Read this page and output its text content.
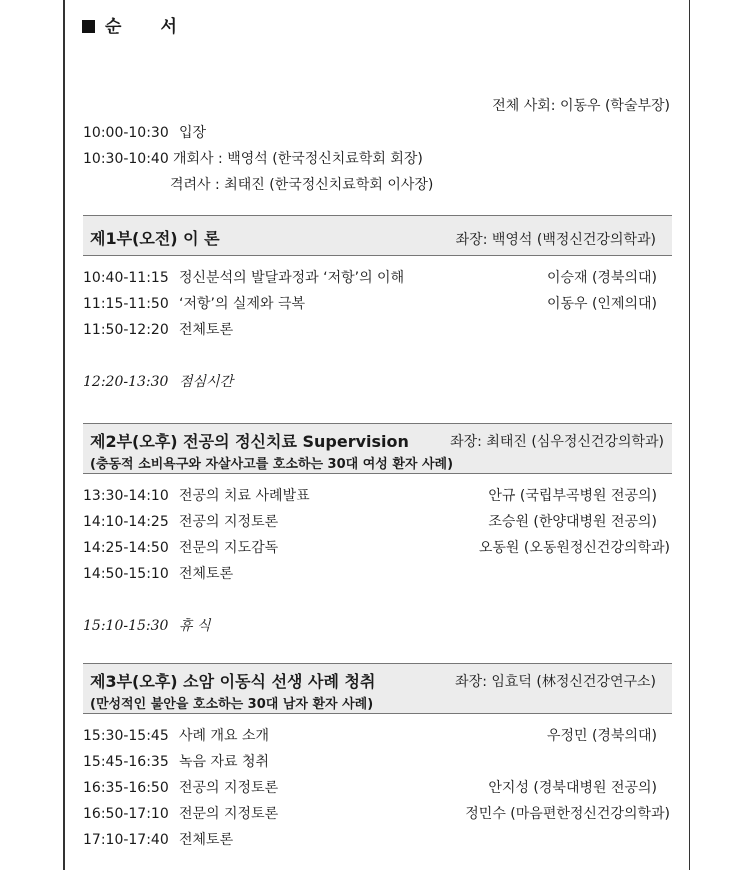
순 서
전체 사회: 이동우 (학술부장)
10:00-10:30 입장
10:30-10:40 개회사 : 백영석 (한국정신치료학회 회장)
격려사 : 최태진 (한국정신치료학회 이사장)
제1부(오전) 이 론	좌장: 백영석 (백정신건강의학과)
10:40-11:15 정신분석의 발달과정과 ‘저항’의 이해	이승재 (경북의대)
11:15-11:50 ‘저항’의 실제와 극복	이동우 (인제의대)
11:50-12:20 전체토론
12:20-13:30 점심시간
제2부(오후) 전공의 정신치료 Supervision	좌장: 최태진 (심우정신건강의학과)
(충동적 소비욕구와 자살사고를 호소하는 30대 여성 환자 사례)
13:30-14:10 전공의 치료 사례발표	안규 (국립부곡병원 전공의)
14:10-14:25 전공의 지정토론	조승원 (한양대병원 전공의)
14:25-14:50 전문의 지도감독	오동원 (오동원정신건강의학과)
14:50-15:10 전체토론
15:10-15:30 휴 식
제3부(오후) 소암 이동식 선생 사례 청취	좌장: 임효덕 (林정신건강연구소)
(만성적인 불안을 호소하는 30대 남자 환자 사례)
15:30-15:45 사례 개요 소개	우정민 (경북의대)
15:45-16:35 녹음 자료 청취
16:35-16:50 전공의 지정토론	안지성 (경북대병원 전공의)
16:50-17:10 전문의 지정토론	정민수 (마음편한정신건강의학과)
17:10-17:40 전체토론
